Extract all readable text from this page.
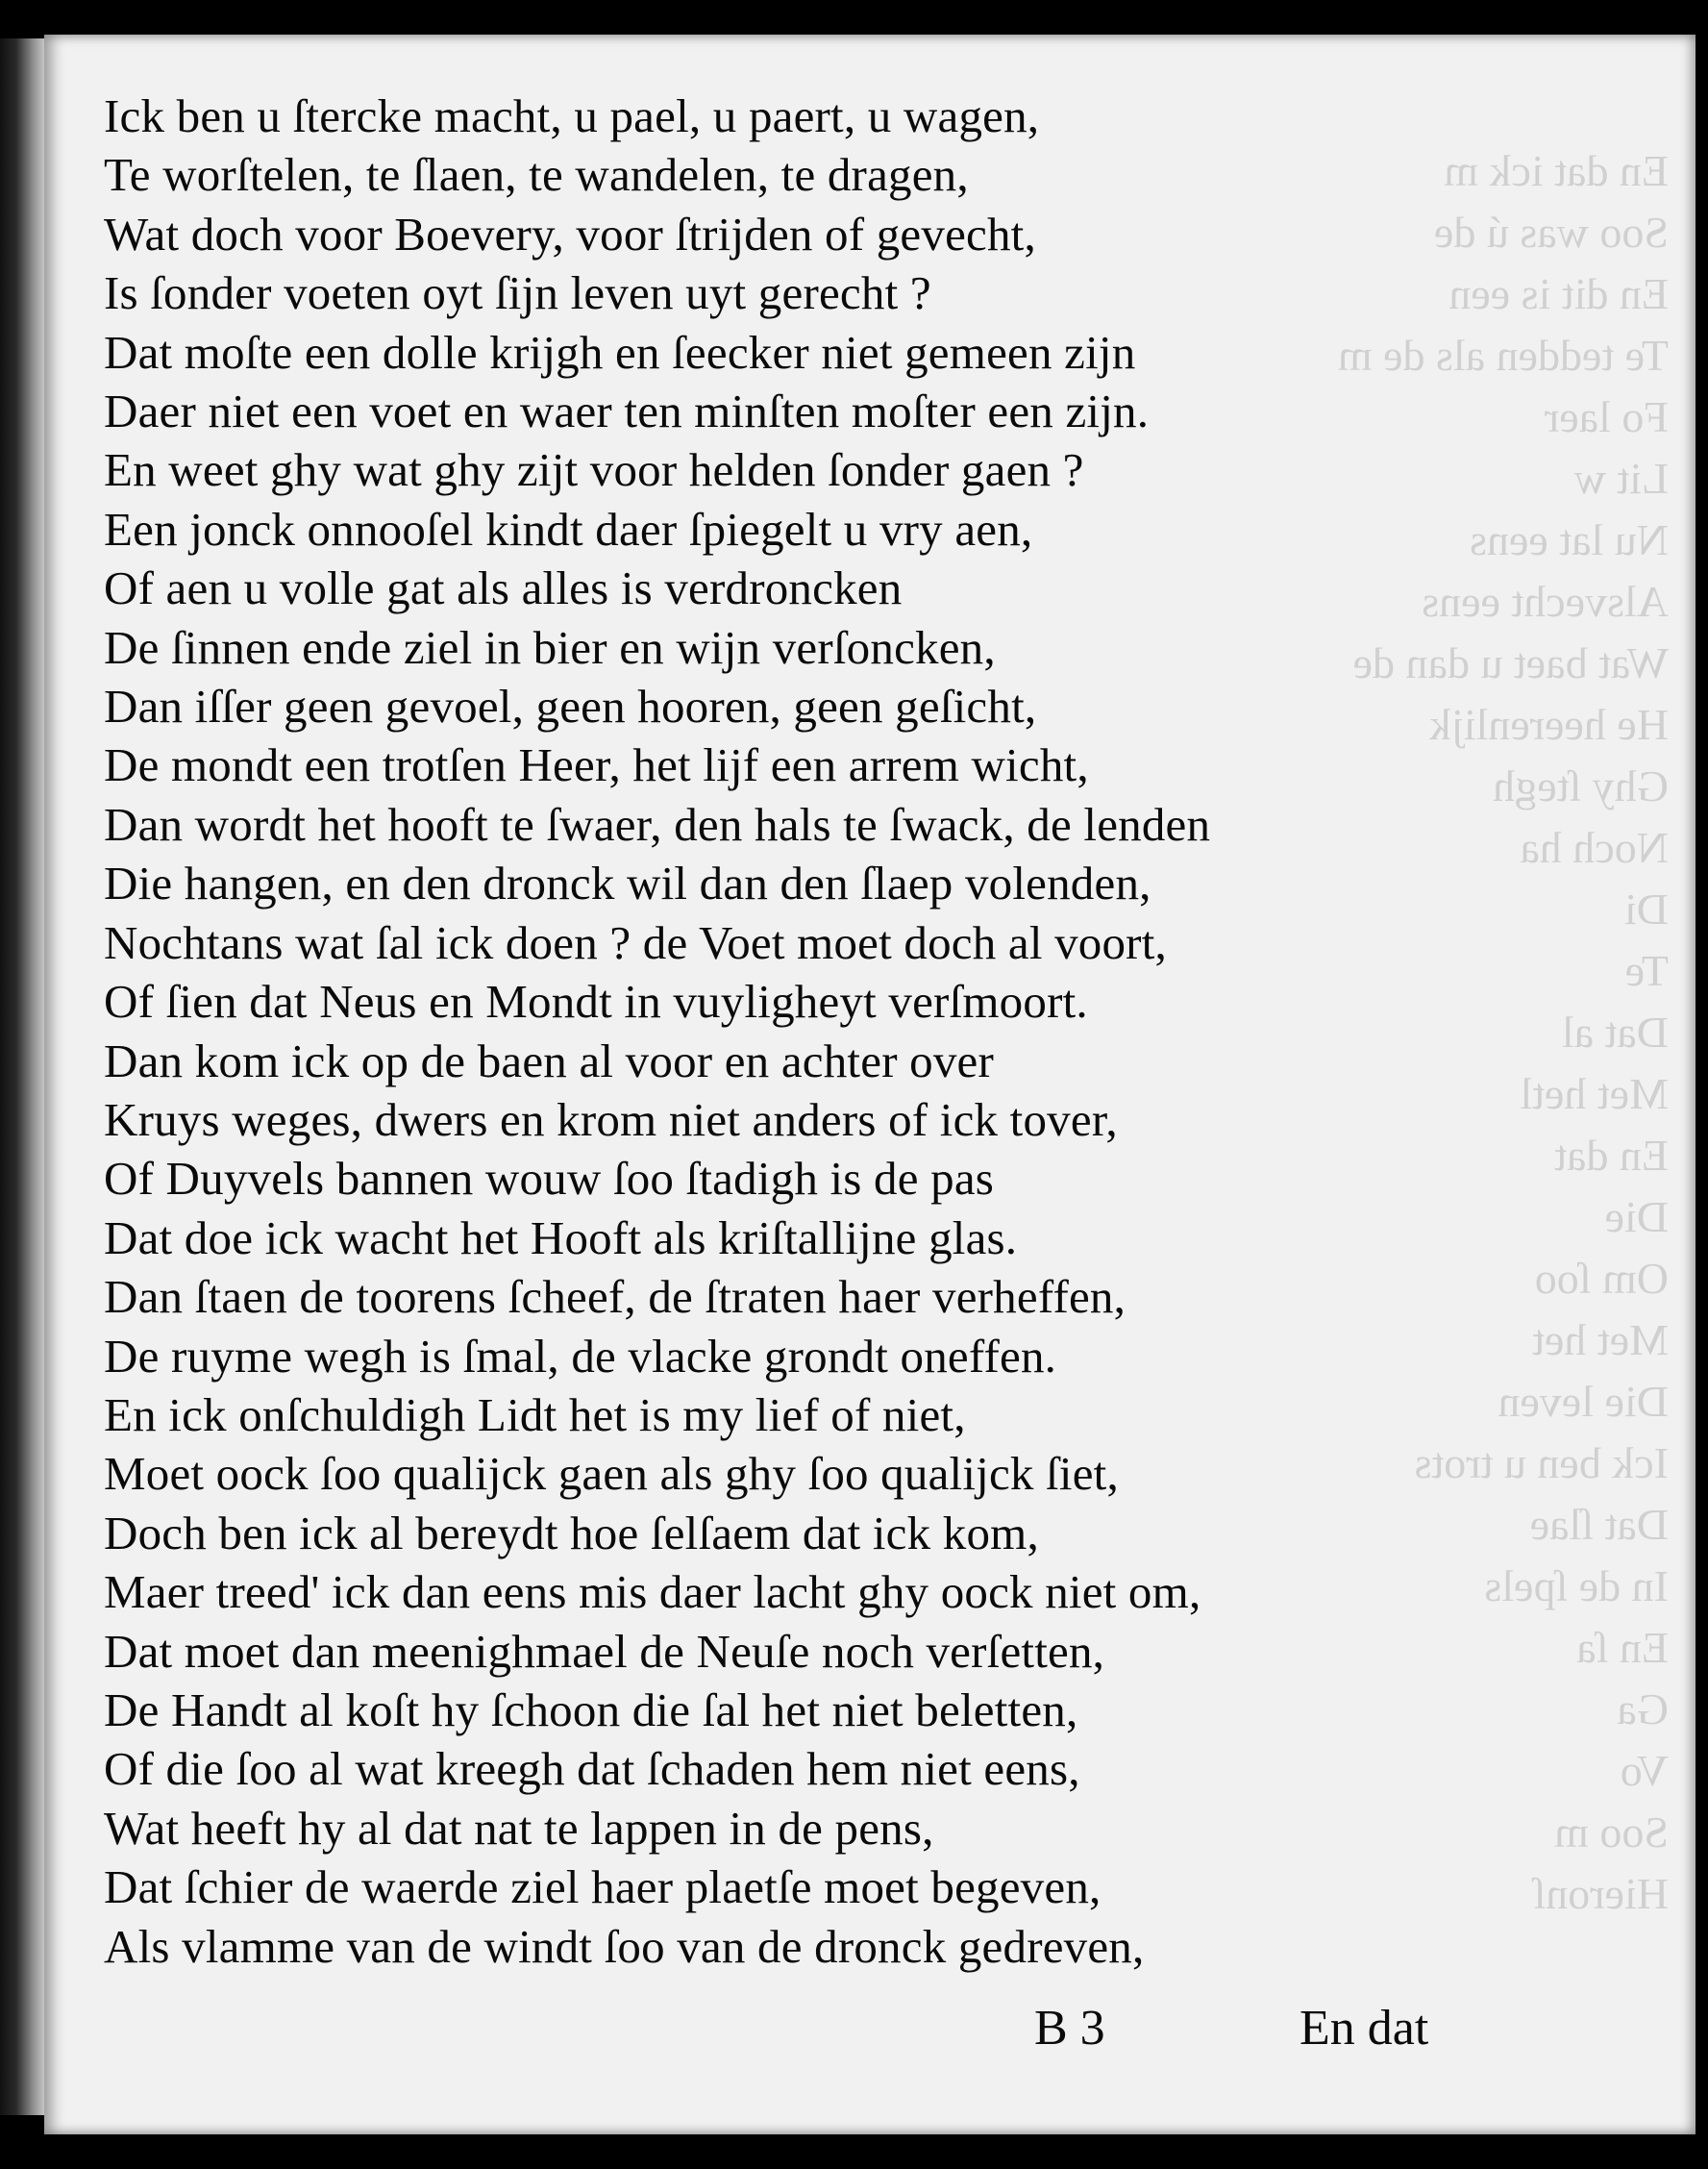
En dat ick m
Soo was ú de
En dit is een
Te tedden als de m
Fo laer
Lit w
Nu lat eens
Alsvecht eens
Wat baet u dan de
He heerenlijk
Ghy ſtegh
Noch ha
Di
Te
Dat al
Met hetl
En dat
Die
Om ſoo
Met het
Die leven
Ick ben u trots
Dat ſlae
In de ſpels
En ſa
Ga
Vo
Soo m
Hieronſ
Ick ben u ſtercke macht, u pael, u paert, u wagen,
Te worſtelen, te ſlaen, te wandelen, te dragen,
Wat doch voor Boevery, voor ſtrijden of gevecht,
Is ſonder voeten oyt ſijn leven uyt gerecht ?
Dat moſte een dolle krijgh en ſeecker niet gemeen zijn
Daer niet een voet en waer ten minſten moſter een zijn.
En weet ghy wat ghy zijt voor helden ſonder gaen ?
Een jonck onnooſel kindt daer ſpiegelt u vry aen,
Of aen u volle gat als alles is verdroncken
De ſinnen ende ziel in bier en wijn verſoncken,
Dan iſſer geen gevoel, geen hooren, geen geſicht,
De mondt een trotſen Heer, het lijf een arrem wicht,
Dan wordt het hooft te ſwaer, den hals te ſwack, de lenden
Die hangen, en den dronck wil dan den ſlaep volenden,
Nochtans wat ſal ick doen ? de Voet moet doch al voort,
Of ſien dat Neus en Mondt in vuyligheyt verſmoort.
Dan kom ick op de baen al voor en achter over
Kruys weges, dwers en krom niet anders of ick tover,
Of Duyvels bannen wouw ſoo ſtadigh is de pas
Dat doe ick wacht het Hooft als kriſtallijne glas.
Dan ſtaen de toorens ſcheef, de ſtraten haer verheffen,
De ruyme wegh is ſmal, de vlacke grondt oneffen.
En ick onſchuldigh Lidt het is my lief of niet,
Moet oock ſoo qualijck gaen als ghy ſoo qualijck ſiet,
Doch ben ick al bereydt hoe ſelſaem dat ick kom,
Maer treed' ick dan eens mis daer lacht ghy oock niet om,
Dat moet dan meenighmael de Neuſe noch verſetten,
De Handt al koſt hy ſchoon die ſal het niet beletten,
Of die ſoo al wat kreegh dat ſchaden hem niet eens,
Wat heeft hy al dat nat te lappen in de pens,
Dat ſchier de waerde ziel haer plaetſe moet begeven,
Als vlamme van de windt ſoo van de dronck gedreven,
B 3	En dat
